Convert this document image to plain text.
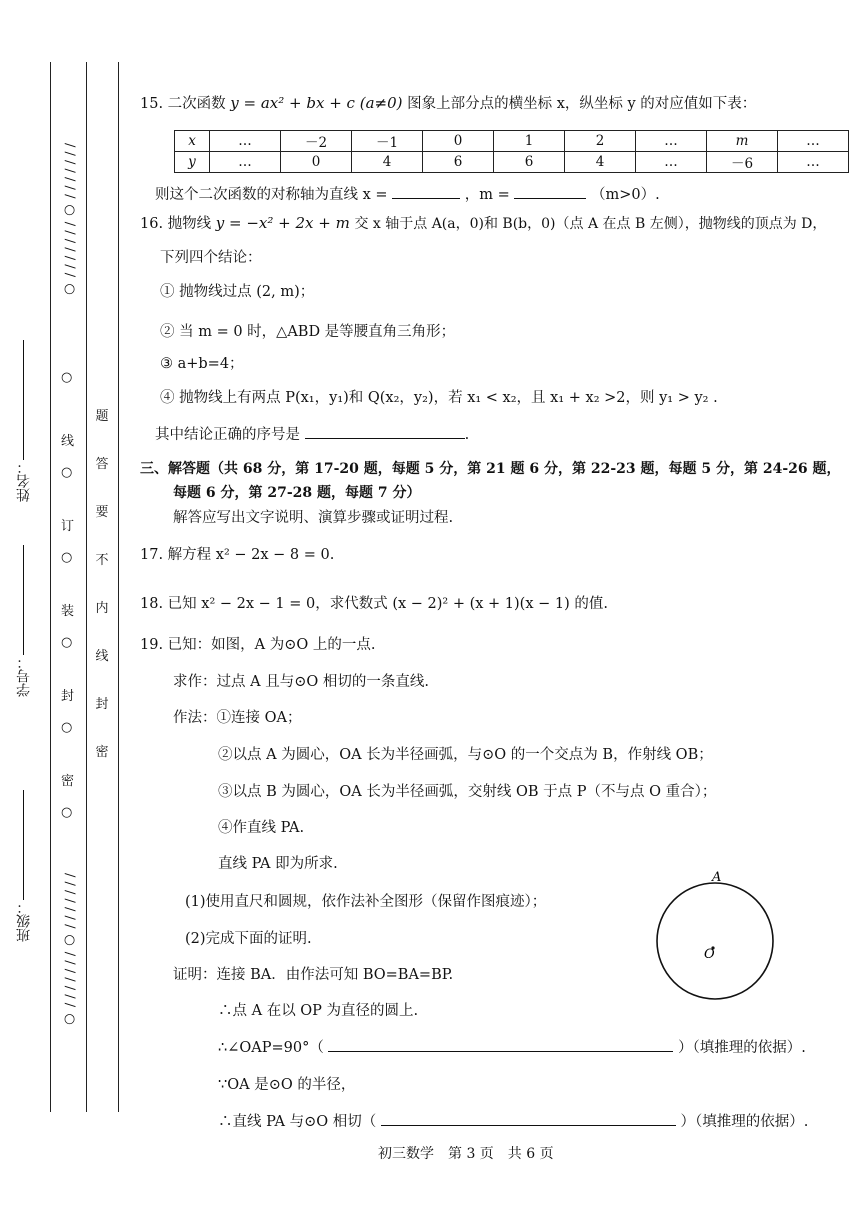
/ / / / / / / ○ / / / / / / / ○
/ / / / / / / ○ / / / / / / / ○
○
线
○
订
○
装
○
封
○
密
○
题
答
要
不
内
线
封
密
班级：
学号：
姓名：
15. 二次函数 y = ax² + bx + c (a≠0) 图象上部分点的横坐标 x，纵坐标 y 的对应值如下表：
x	…	－2	－1	0	1	2	…	m	…
y	…	0	4	6	6	4	…	－6	…
则这个二次函数的对称轴为直线 x =	，m =	（m>0）.
16. 抛物线 y = −x² + 2x + m 交 x 轴于点 A(a，0)和 B(b，0)（点 A 在点 B 左侧），抛物线的顶点为 D，
下列四个结论：
① 抛物线过点 (2, m)；
② 当 m = 0 时，△ABD 是等腰直角三角形；
③ a+b=4；
④ 抛物线上有两点 P(x₁，y₁)和 Q(x₂，y₂)，若 x₁ < x₂，且 x₁ + x₂ >2，则 y₁ > y₂ .
其中结论正确的序号是	.
三、解答题（共 68 分，第 17-20 题，每题 5 分，第 21 题 6 分，第 22-23 题，每题 5 分，第 24-26 题，
每题 6 分，第 27-28 题，每题 7 分）
解答应写出文字说明、演算步骤或证明过程.
17. 解方程 x² − 2x − 8 = 0.
18. 已知 x² − 2x − 1 = 0，求代数式 (x − 2)² + (x + 1)(x − 1) 的值.
19. 已知：如图，A 为⊙O 上的一点.
求作：过点 A 且与⊙O 相切的一条直线.
作法：①连接 OA；
②以点 A 为圆心，OA 长为半径画弧，与⊙O 的一个交点为 B，作射线 OB；
③以点 B 为圆心，OA 长为半径画弧，交射线 OB 于点 P（不与点 O 重合）；
④作直线 PA.
直线 PA 即为所求.
(1)使用直尺和圆规，依作法补全图形（保留作图痕迹）；
(2)完成下面的证明.
证明：连接 BA．由作法可知 BO=BA=BP.
∴点 A 在以 OP 为直径的圆上.
∴∠OAP=90°（	）（填推理的依据）.
∵OA 是⊙O 的半径，
∴直线 PA 与⊙O 相切（	）（填推理的依据）.
A
O
初三数学　第 3 页　共 6 页
